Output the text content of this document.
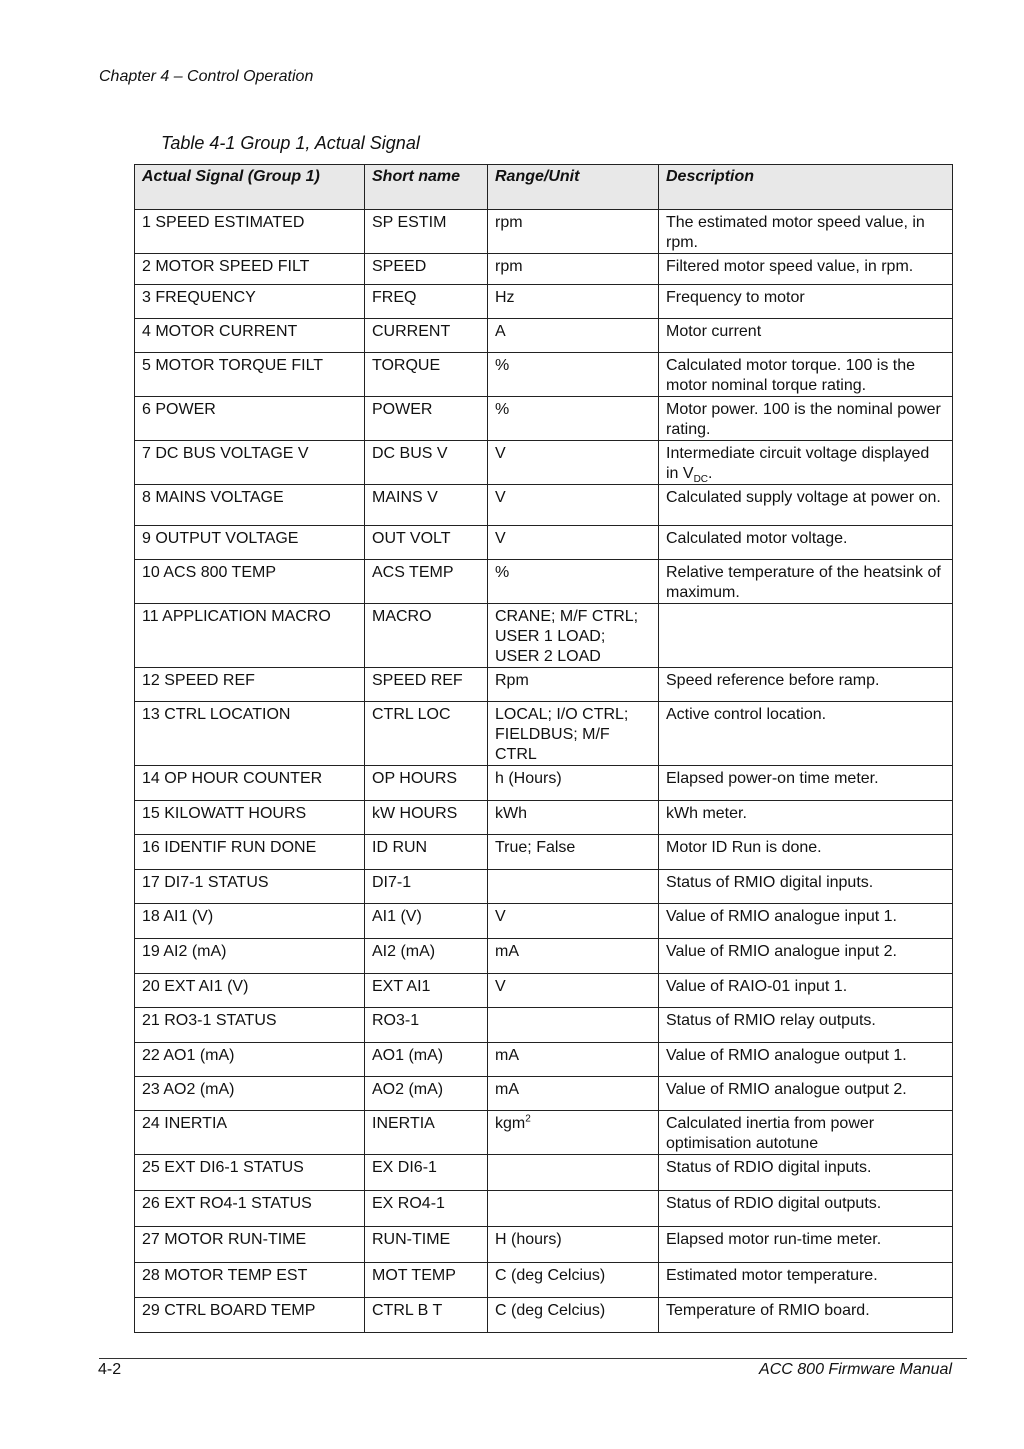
Chapter 4 – Control Operation
Table 4-1 Group 1, Actual Signal
Actual Signal (Group 1)	Short name	Range/Unit	Description
1 SPEED ESTIMATED	SP ESTIM	rpm	The estimated motor speed value, in rpm.
2 MOTOR SPEED FILT	SPEED	rpm	Filtered motor speed value, in rpm.
3 FREQUENCY	FREQ	Hz	Frequency to motor
4 MOTOR CURRENT	CURRENT	A	Motor current
5 MOTOR TORQUE FILT	TORQUE	%	Calculated motor torque. 100 is the motor nominal torque rating.
6 POWER	POWER	%	Motor power. 100 is the nominal power rating.
7 DC BUS VOLTAGE V	DC BUS V	V	Intermediate circuit voltage displayed in $V_{DC}$.
8 MAINS VOLTAGE	MAINS V	V	Calculated supply voltage at power on.
9 OUTPUT VOLTAGE	OUT VOLT	V	Calculated motor voltage.
10 ACS 800 TEMP	ACS TEMP	%	Relative temperature of the heatsink of maximum.
11 APPLICATION MACRO	MACRO	CRANE; M/F CTRL; USER 1 LOAD; USER 2 LOAD	
12 SPEED REF	SPEED REF	Rpm	Speed reference before ramp.
13 CTRL LOCATION	CTRL LOC	LOCAL; I/O CTRL; FIELDBUS; M/F CTRL	Active control location.
14 OP HOUR COUNTER	OP HOURS	h (Hours)	Elapsed power-on time meter.
15 KILOWATT HOURS	kW HOURS	kWh	kWh meter.
16 IDENTIF RUN DONE	ID RUN	True; False	Motor ID Run is done.
17 DI7-1 STATUS	DI7-1		Status of RMIO digital inputs.
18 AI1 (V)	AI1 (V)	V	Value of RMIO analogue input 1.
19 AI2 (mA)	AI2 (mA)	mA	Value of RMIO analogue input 2.
20 EXT AI1 (V)	EXT AI1	V	Value of RAIO-01 input 1.
21 RO3-1 STATUS	RO3-1		Status of RMIO relay outputs.
22 AO1 (mA)	AO1 (mA)	mA	Value of RMIO analogue output 1.
23 AO2 (mA)	AO2 (mA)	mA	Value of RMIO analogue output 2.
24 INERTIA	INERTIA	kgm$^2$	Calculated inertia from power optimisation autotune
25 EXT DI6-1 STATUS	EX DI6-1		Status of RDIO digital inputs.
26 EXT RO4-1 STATUS	EX RO4-1		Status of RDIO digital outputs.
27 MOTOR RUN-TIME	RUN-TIME	H (hours)	Elapsed motor run-time meter.
28 MOTOR TEMP EST	MOT TEMP	C (deg Celcius)	Estimated motor temperature.
29 CTRL BOARD TEMP	CTRL B T	C (deg Celcius)	Temperature of RMIO board.
4-2	ACC 800 Firmware Manual
